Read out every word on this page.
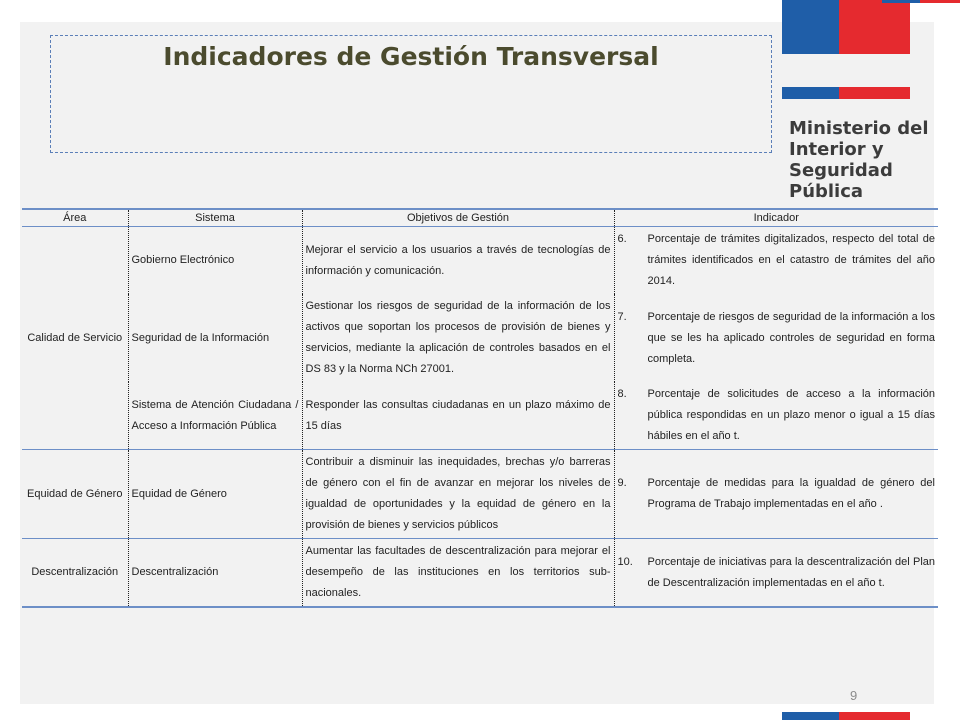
Indicadores de Gestión Transversal
Ministerio del
Interior y
Seguridad
Pública
Área	Sistema	Objetivos de Gestión	Indicador
Calidad de Servicio	Gobierno Electrónico	Mejorar el servicio a los usuarios a través de tecnologías de información y comunicación.	6. Porcentaje de trámites digitalizados, respecto del total de trámites identificados en el catastro de trámites del año 2014.

	Seguridad de la Información	Gestionar los riesgos de seguridad de la información de los activos que soportan los procesos de provisión de bienes y servicios, mediante la aplicación de controles basados en el DS 83 y la Norma NCh 27001.	7. Porcentaje de riesgos de seguridad de la información a los que se les ha aplicado controles de seguridad en forma completa.

	Sistema de Atención Ciudadana / Acceso a Información Pública	Responder las consultas ciudadanas en un plazo máximo de 15 días	8. Porcentaje de solicitudes de acceso a la información pública respondidas en un plazo menor o igual a 15 días hábiles en el año t.

Equidad de Género	Equidad de Género	Contribuir a disminuir las inequidades, brechas y/o barreras de género con el fin de avanzar en mejorar los niveles de igualdad de oportunidades y la equidad de género en la provisión de bienes y servicios públicos	9. Porcentaje de medidas para la igualdad de género del Programa de Trabajo implementadas en el año .

Descentralización	Descentralización	Aumentar las facultades de descentralización para mejorar el desempeño de las instituciones en los territorios sub-nacionales.	10. Porcentaje de iniciativas para la descentralización del Plan de Descentralización implementadas en el año t.
9
